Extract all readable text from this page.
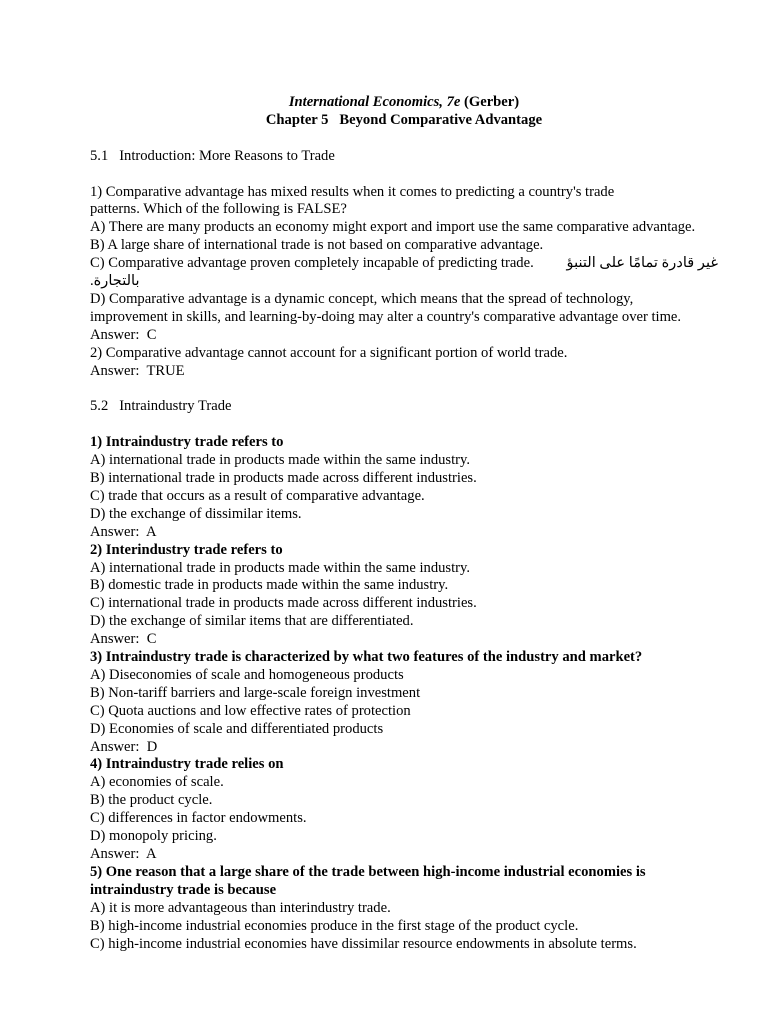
International Economics, 7e (Gerber)
Chapter 5   Beyond Comparative Advantage
5.1   Introduction: More Reasons to Trade
1) Comparative advantage has mixed results when it comes to predicting a country's trade
patterns. Which of the following is FALSE?
A) There are many products an economy might export and import use the same comparative advantage.
B) A large share of international trade is not based on comparative advantage.
C) Comparative advantage proven completely incapable of predicting trade. غير قادرة تمامًا على التنبؤ
بالتجارة.
D) Comparative advantage is a dynamic concept, which means that the spread of technology,
improvement in skills, and learning-by-doing may alter a country's comparative advantage over time.
Answer:  C
2) Comparative advantage cannot account for a significant portion of world trade.
Answer:  TRUE
5.2   Intraindustry Trade
1) Intraindustry trade refers to
A) international trade in products made within the same industry.
B) international trade in products made across different industries.
C) trade that occurs as a result of comparative advantage.
D) the exchange of dissimilar items.
Answer:  A
2) Interindustry trade refers to
A) international trade in products made within the same industry.
B) domestic trade in products made within the same industry.
C) international trade in products made across different industries.
D) the exchange of similar items that are differentiated.
Answer:  C
3) Intraindustry trade is characterized by what two features of the industry and market?
A) Diseconomies of scale and homogeneous products
B) Non-tariff barriers and large-scale foreign investment
C) Quota auctions and low effective rates of protection
D) Economies of scale and differentiated products
Answer:  D
4) Intraindustry trade relies on
A) economies of scale.
B) the product cycle.
C) differences in factor endowments.
D) monopoly pricing.
Answer:  A
5) One reason that a large share of the trade between high-income industrial economies is
intraindustry trade is because
A) it is more advantageous than interindustry trade.
B) high-income industrial economies produce in the first stage of the product cycle.
C) high-income industrial economies have dissimilar resource endowments in absolute terms.
